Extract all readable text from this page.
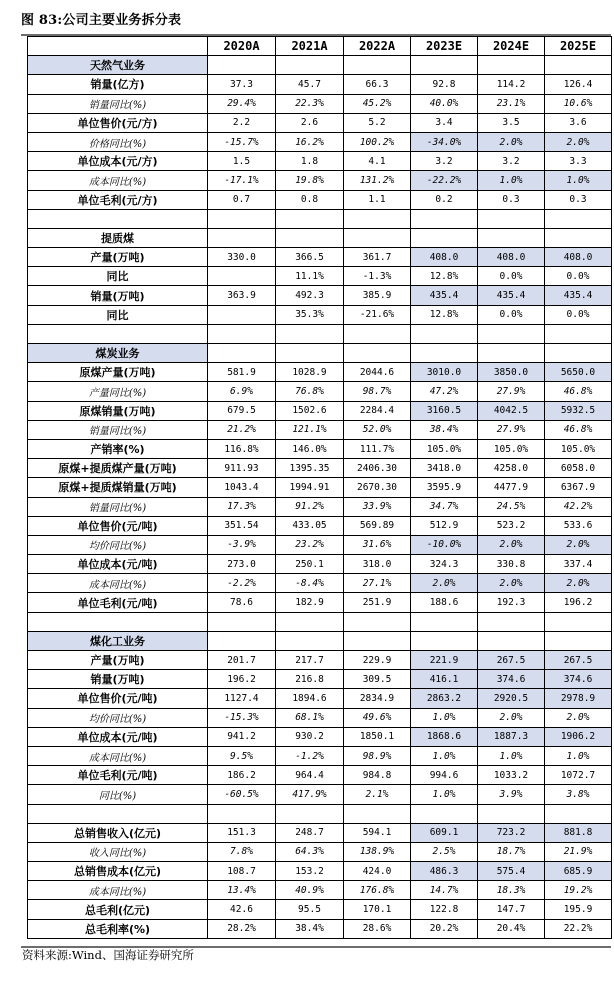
图 83:公司主要业务拆分表
	2020A	2021A	2022A	2023E	2024E	2025E
天然气业务						
销量(亿方)	37.3	45.7	66.3	92.8	114.2	126.4
销量同比(%)	29.4%	22.3%	45.2%	40.0%	23.1%	10.6%
单位售价(元/方)	2.2	2.6	5.2	3.4	3.5	3.6
价格同比(%)	-15.7%	16.2%	100.2%	-34.0%	2.0%	2.0%
单位成本(元/方)	1.5	1.8	4.1	3.2	3.2	3.3
成本同比(%)	-17.1%	19.8%	131.2%	-22.2%	1.0%	1.0%
单位毛利(元/方)	0.7	0.8	1.1	0.2	0.3	0.3

提质煤						
产量(万吨)	330.0	366.5	361.7	408.0	408.0	408.0
同比		11.1%	-1.3%	12.8%	0.0%	0.0%
销量(万吨)	363.9	492.3	385.9	435.4	435.4	435.4
同比		35.3%	-21.6%	12.8%	0.0%	0.0%

煤炭业务						
原煤产量(万吨)	581.9	1028.9	2044.6	3010.0	3850.0	5650.0
产量同比(%)	6.9%	76.8%	98.7%	47.2%	27.9%	46.8%
原煤销量(万吨)	679.5	1502.6	2284.4	3160.5	4042.5	5932.5
销量同比(%)	21.2%	121.1%	52.0%	38.4%	27.9%	46.8%
产销率(%)	116.8%	146.0%	111.7%	105.0%	105.0%	105.0%
原煤+提质煤产量(万吨)	911.93	1395.35	2406.30	3418.0	4258.0	6058.0
原煤+提质煤销量(万吨)	1043.4	1994.91	2670.30	3595.9	4477.9	6367.9
销量同比(%)	17.3%	91.2%	33.9%	34.7%	24.5%	42.2%
单位售价(元/吨)	351.54	433.05	569.89	512.9	523.2	533.6
均价同比(%)	-3.9%	23.2%	31.6%	-10.0%	2.0%	2.0%
单位成本(元/吨)	273.0	250.1	318.0	324.3	330.8	337.4
成本同比(%)	-2.2%	-8.4%	27.1%	2.0%	2.0%	2.0%
单位毛利(元/吨)	78.6	182.9	251.9	188.6	192.3	196.2

煤化工业务						
产量(万吨)	201.7	217.7	229.9	221.9	267.5	267.5
销量(万吨)	196.2	216.8	309.5	416.1	374.6	374.6
单位售价(元/吨)	1127.4	1894.6	2834.9	2863.2	2920.5	2978.9
均价同比(%)	-15.3%	68.1%	49.6%	1.0%	2.0%	2.0%
单位成本(元/吨)	941.2	930.2	1850.1	1868.6	1887.3	1906.2
成本同比(%)	9.5%	-1.2%	98.9%	1.0%	1.0%	1.0%
单位毛利(元/吨)	186.2	964.4	984.8	994.6	1033.2	1072.7
同比(%)	-60.5%	417.9%	2.1%	1.0%	3.9%	3.8%

总销售收入(亿元)	151.3	248.7	594.1	609.1	723.2	881.8
收入同比(%)	7.8%	64.3%	138.9%	2.5%	18.7%	21.9%
总销售成本(亿元)	108.7	153.2	424.0	486.3	575.4	685.9
成本同比(%)	13.4%	40.9%	176.8%	14.7%	18.3%	19.2%
总毛利(亿元)	42.6	95.5	170.1	122.8	147.7	195.9
总毛利率(%)	28.2%	38.4%	28.6%	20.2%	20.4%	22.2%
资料来源:Wind、国海证券研究所
